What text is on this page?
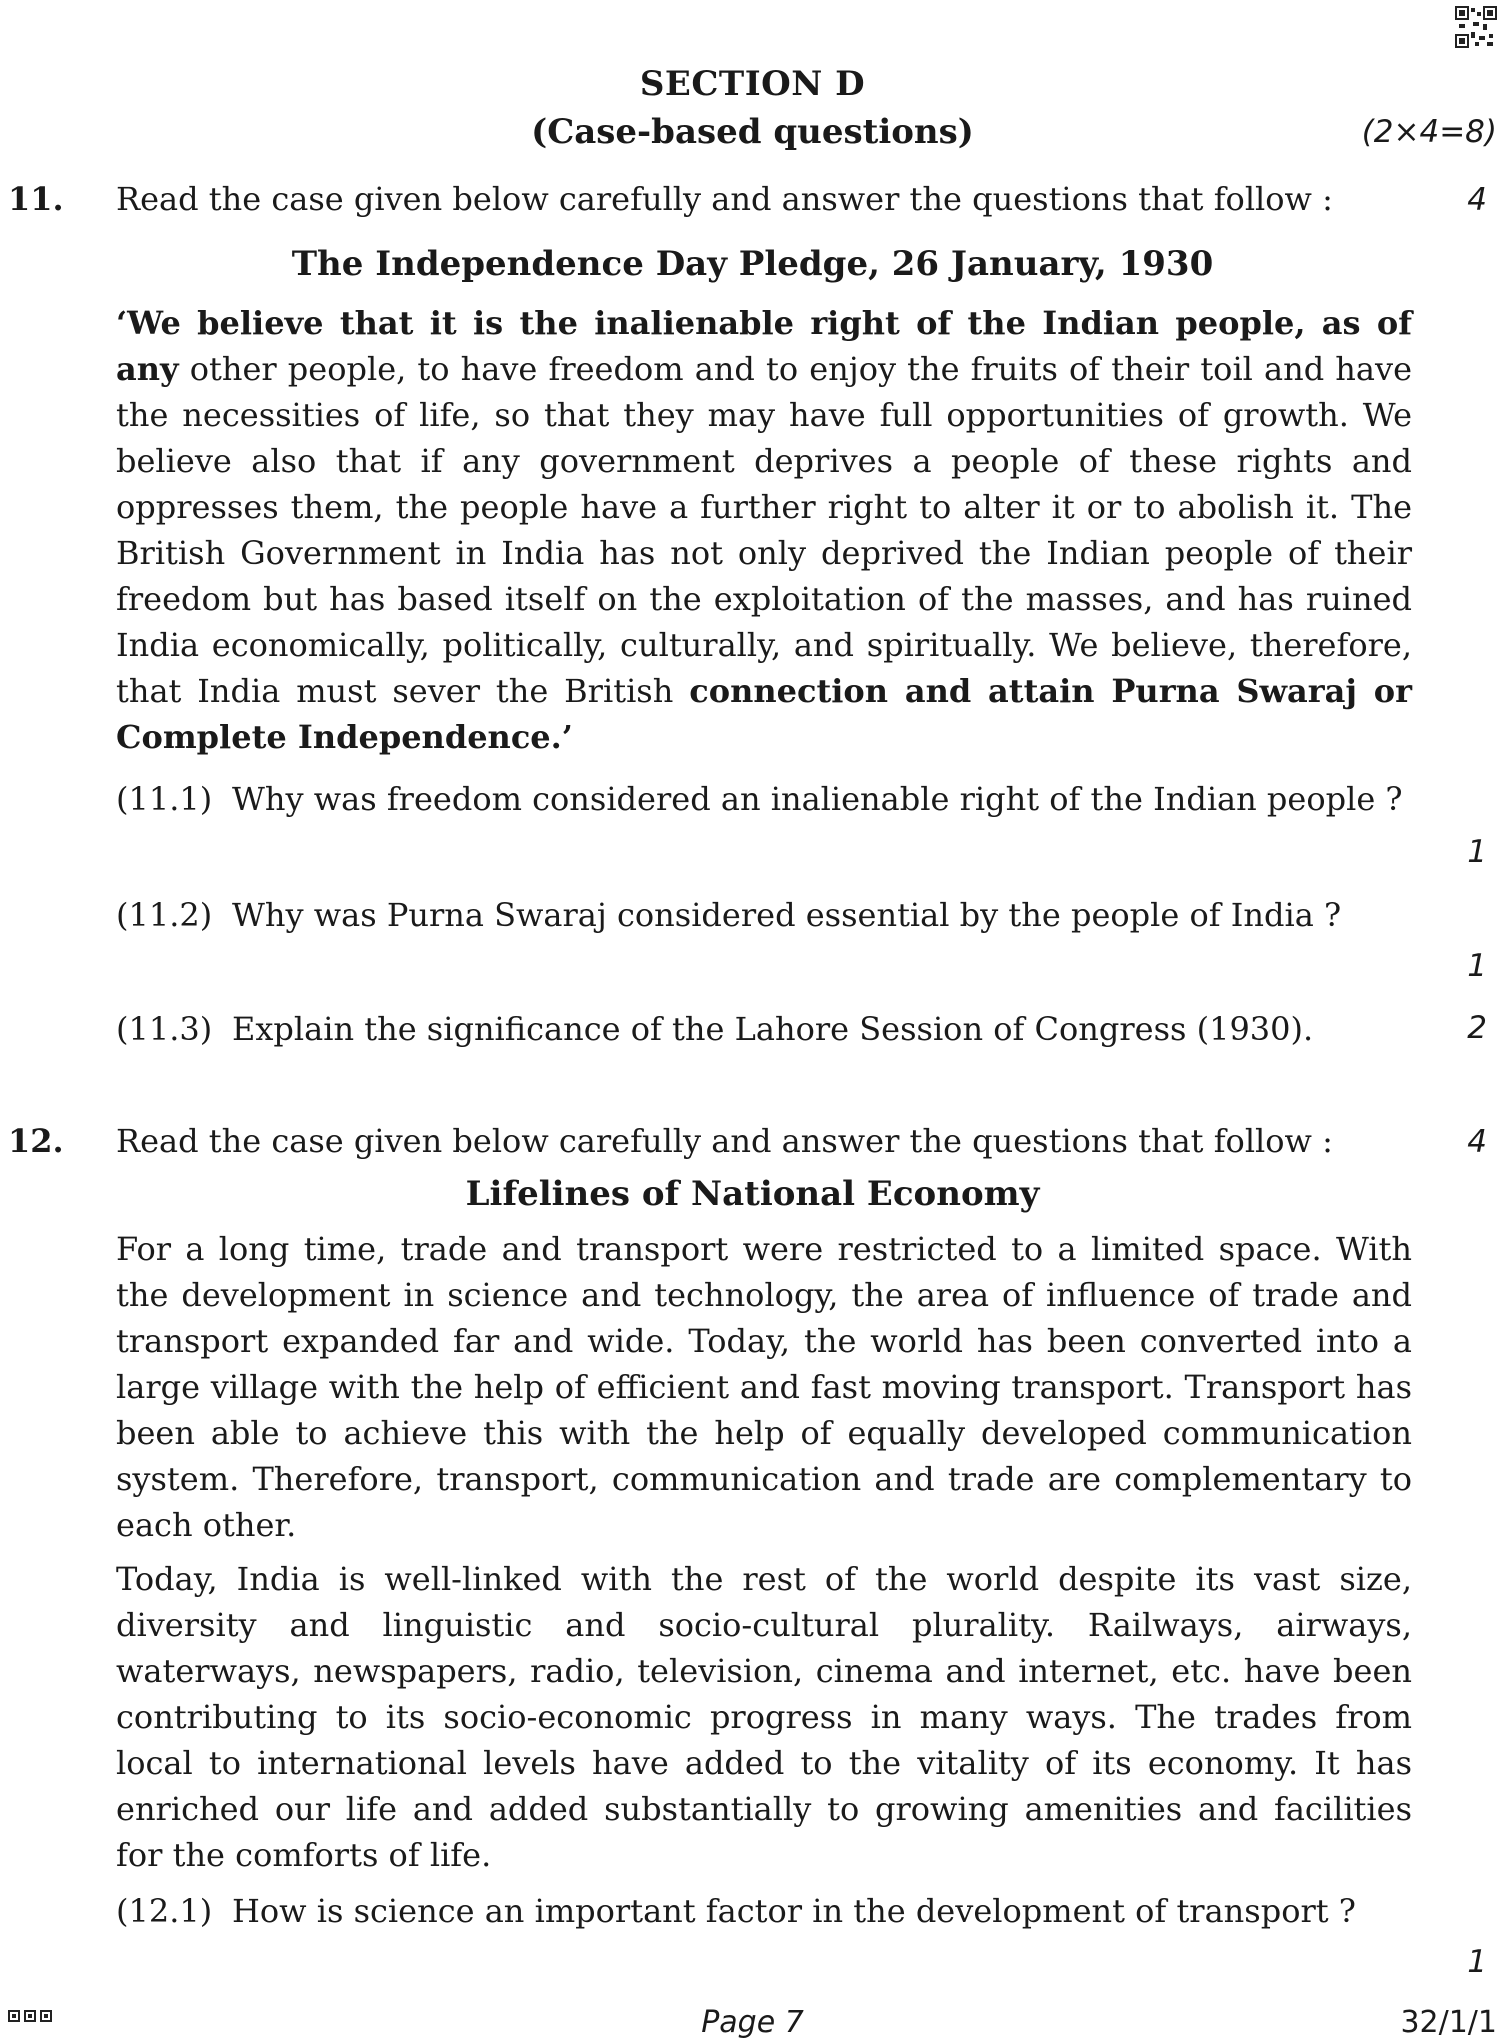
SECTION D
(Case-based questions)	(2×4=8)
11. Read the case given below carefully and answer the questions that follow :	4
The Independence Day Pledge, 26 January, 1930

‘We believe that it is the inalienable right of the Indian people, as of any other people, to have freedom and to enjoy the fruits of their toil and have the necessities of life, so that they may have full opportunities of growth. We believe also that if any government deprives a people of these rights and oppresses them, the people have a further right to alter it or to abolish it. The British Government in India has not only deprived the Indian people of their freedom but has based itself on the exploitation of the masses, and has ruined India economically, politically, culturally, and spiritually. We believe, therefore, that India must sever the British connection and attain Purna Swaraj or Complete Independence.’

(11.1) Why was freedom considered an inalienable right of the Indian people ?
1
(11.2) Why was Purna Swaraj considered essential by the people of India ?
1
(11.3) Explain the significance of the Lahore Session of Congress (1930).	2
12. Read the case given below carefully and answer the questions that follow :	4
Lifelines of National Economy

For a long time, trade and transport were restricted to a limited space. With the development in science and technology, the area of influence of trade and transport expanded far and wide. Today, the world has been converted into a large village with the help of efficient and fast moving transport. Transport has been able to achieve this with the help of equally developed communication system. Therefore, transport, communication and trade are complementary to each other.

Today, India is well-linked with the rest of the world despite its vast size, diversity and linguistic and socio-cultural plurality. Railways, airways, waterways, newspapers, radio, television, cinema and internet, etc. have been contributing to its socio-economic progress in many ways. The trades from local to international levels have added to the vitality of its economy. It has enriched our life and added substantially to growing amenities and facilities for the comforts of life.

(12.1) How is science an important factor in the development of transport ?
1
Page 7	32/1/1
